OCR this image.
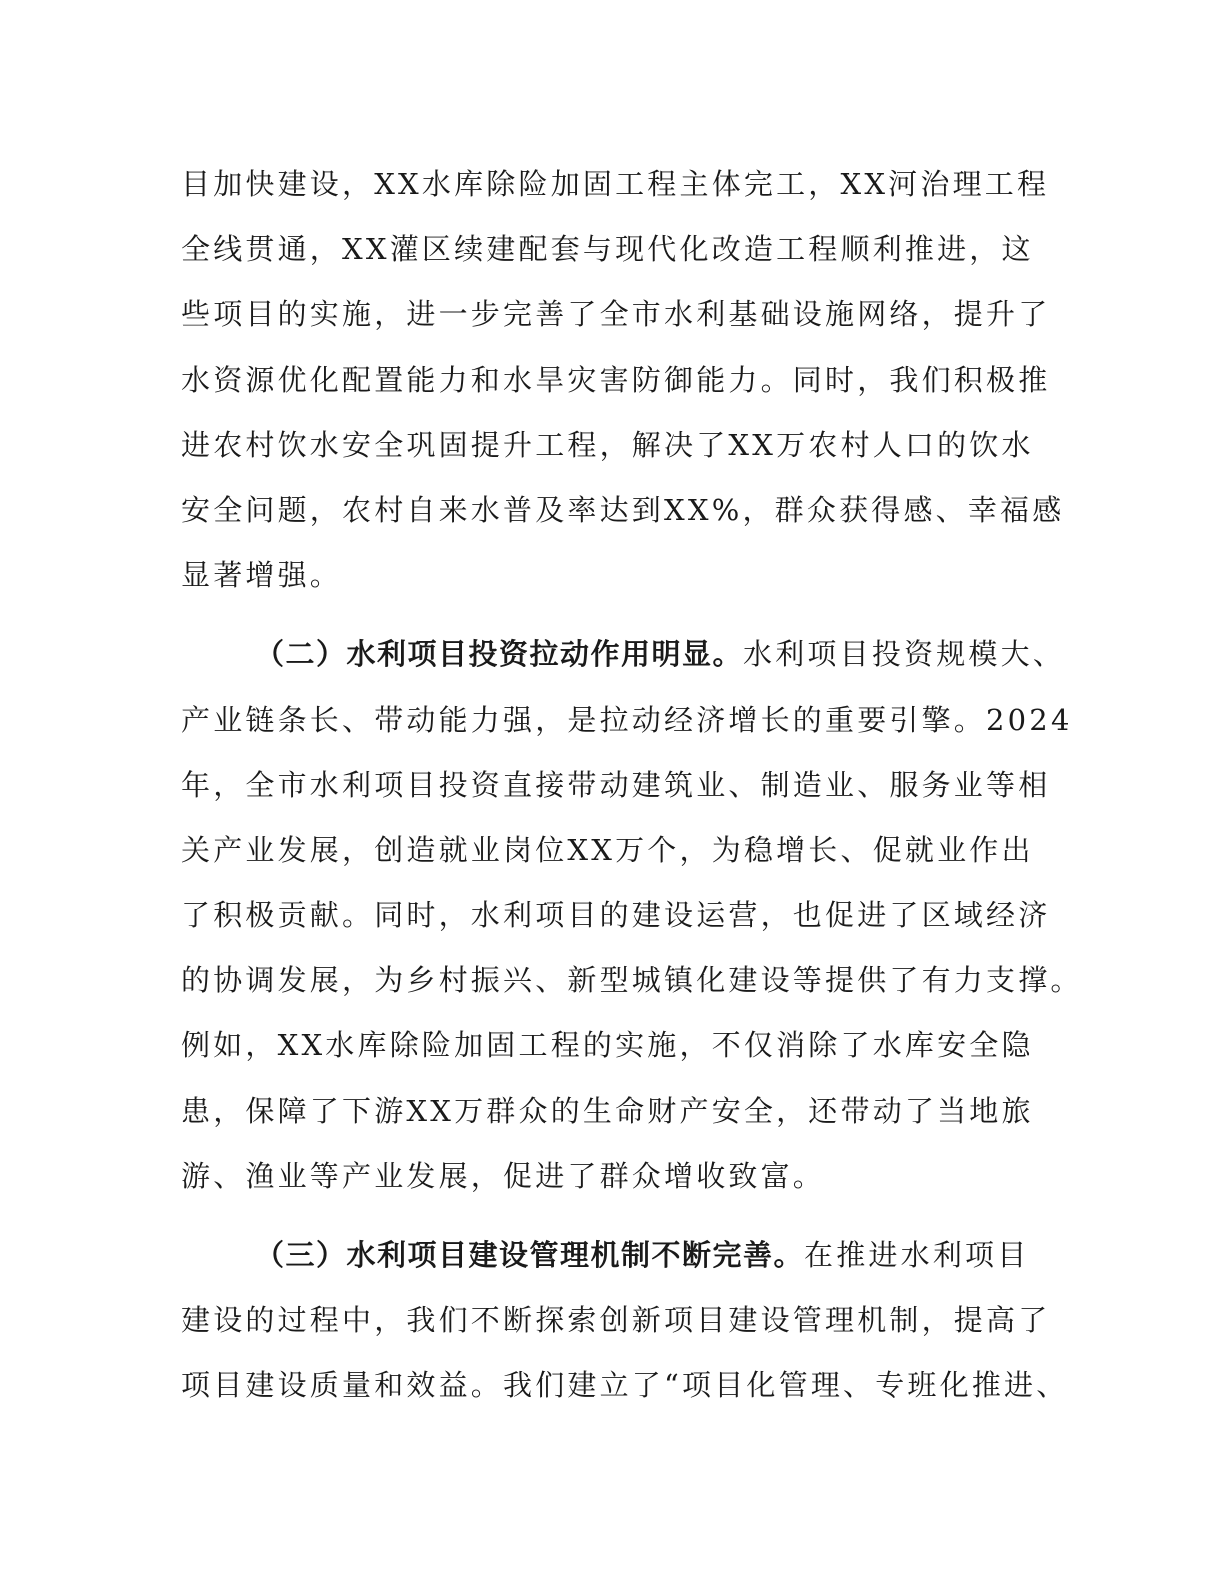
目加快建设，XX水库除险加固工程主体完工，XX河治理工程
全线贯通，XX灌区续建配套与现代化改造工程顺利推进，这
些项目的实施，进一步完善了全市水利基础设施网络，提升了
水资源优化配置能力和水旱灾害防御能力。同时，我们积极推
进农村饮水安全巩固提升工程，解决了XX万农村人口的饮水
安全问题，农村自来水普及率达到XX%，群众获得感、幸福感
显著增强。
（二）水利项目投资拉动作用明显。水利项目投资规模大、
产业链条长、带动能力强，是拉动经济增长的重要引擎。2024
年，全市水利项目投资直接带动建筑业、制造业、服务业等相
关产业发展，创造就业岗位XX万个，为稳增长、促就业作出
了积极贡献。同时，水利项目的建设运营，也促进了区域经济
的协调发展，为乡村振兴、新型城镇化建设等提供了有力支撑。
例如，XX水库除险加固工程的实施，不仅消除了水库安全隐
患，保障了下游XX万群众的生命财产安全，还带动了当地旅
游、渔业等产业发展，促进了群众增收致富。
（三）水利项目建设管理机制不断完善。在推进水利项目
建设的过程中，我们不断探索创新项目建设管理机制，提高了
项目建设质量和效益。我们建立了“项目化管理、专班化推进、
